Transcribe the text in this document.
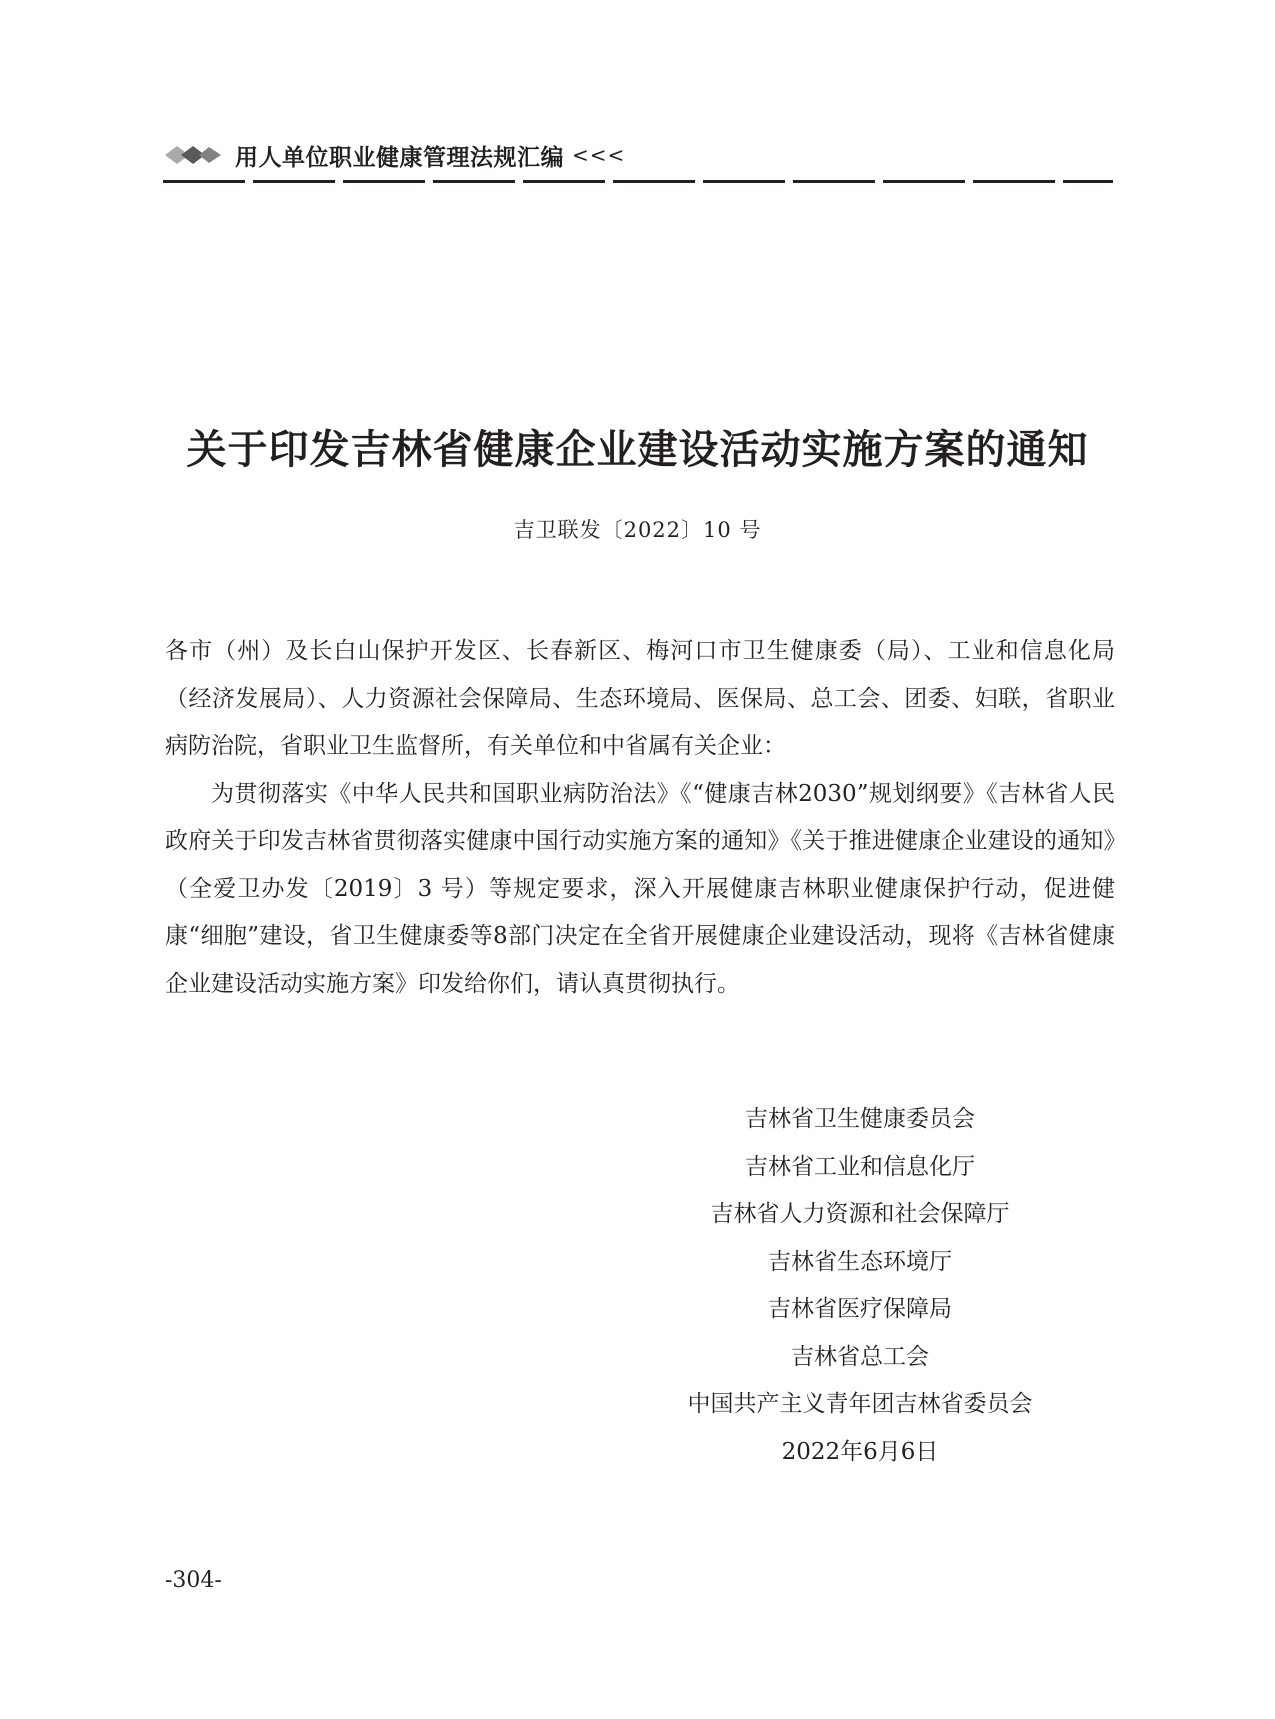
用人单位职业健康管理法规汇编 <<<
关于印发吉林省健康企业建设活动实施方案的通知
吉卫联发〔2022〕10 号

各市（州）及长白山保护开发区、长春新区、梅河口市卫生健康委（局）、工业和信息化局（经济发展局）、人力资源社会保障局、生态环境局、医保局、总工会、团委、妇联，省职业病防治院，省职业卫生监督所，有关单位和中省属有关企业：

为贯彻落实《中华人民共和国职业病防治法》《“健康吉林2030”规划纲要》《吉林省人民政府关于印发吉林省贯彻落实健康中国行动实施方案的通知》《关于推进健康企业建设的通知》（全爱卫办发〔2019〕3 号）等规定要求，深入开展健康吉林职业健康保护行动，促进健康“细胞”建设，省卫生健康委等8部门决定在全省开展健康企业建设活动，现将《吉林省健康企业建设活动实施方案》印发给你们，请认真贯彻执行。

吉林省卫生健康委员会
吉林省工业和信息化厅
吉林省人力资源和社会保障厅
吉林省生态环境厅
吉林省医疗保障局
吉林省总工会
中国共产主义青年团吉林省委员会
2022年6月6日
-304-
